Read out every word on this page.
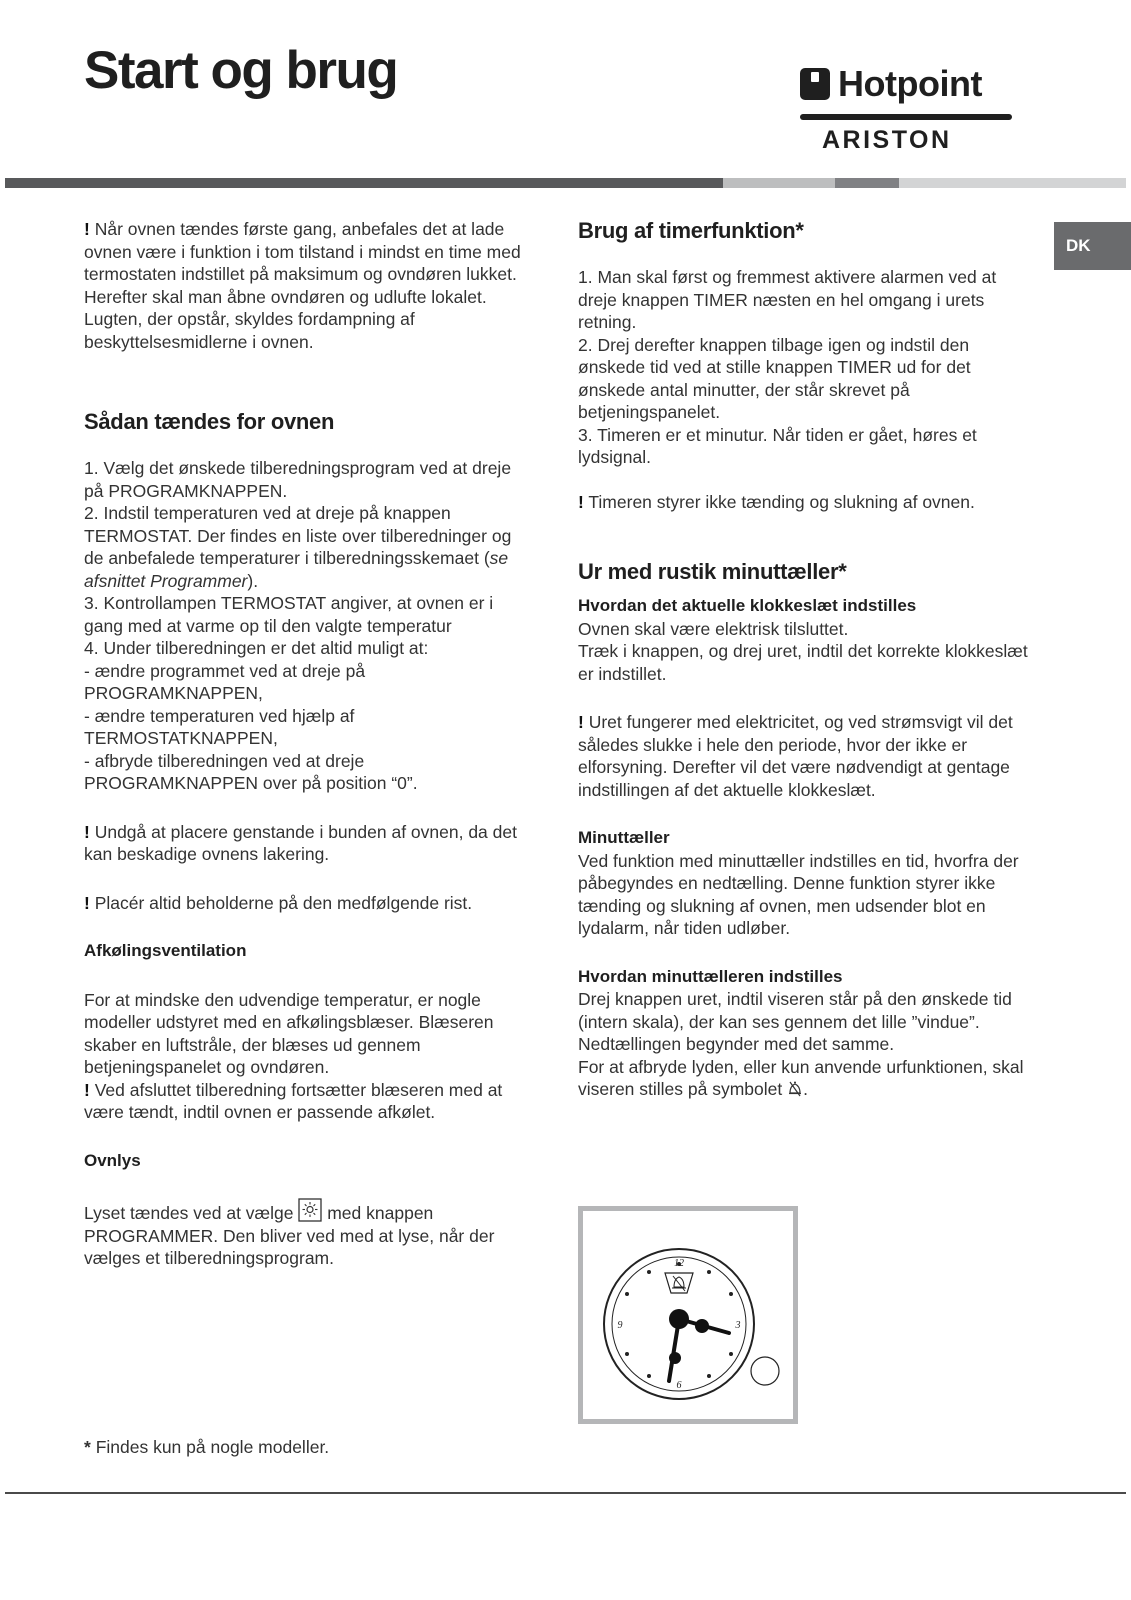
Start og brug	Hotpoint
ARISTON
DK

! Når ovnen tændes første gang, anbefales det at lade ovnen være i funktion i tom tilstand i mindst en time med termostaten indstillet på maksimum og ovndøren lukket. Herefter skal man åbne ovndøren og udlufte lokalet. Lugten, der opstår, skyldes fordampning af beskyttelsesmidlerne i ovnen.

Sådan tændes for ovnen

1. Vælg det ønskede tilberedningsprogram ved at dreje på PROGRAMKNAPPEN.

2. Indstil temperaturen ved at dreje på knappen TERMOSTAT. Der findes en liste over tilberedninger og de anbefalede temperaturer i tilberedningsskemaet (se afsnittet Programmer).

3. Kontrollampen TERMOSTAT angiver, at ovnen er i gang med at varme op til den valgte temperatur

4. Under tilberedningen er det altid muligt at:

- ændre programmet ved at dreje på PROGRAMKNAPPEN,

- ændre temperaturen ved hjælp af TERMOSTATKNAPPEN,

- afbryde tilberedningen ved at dreje PROGRAMKNAPPEN over på position “0”.

! Undgå at placere genstande i bunden af ovnen, da det kan beskadige ovnens lakering.

! Placér altid beholderne på den medfølgende rist.

Afkølingsventilation

For at mindske den udvendige temperatur, er nogle modeller udstyret med en afkølingsblæser. Blæseren skaber en luftstråle, der blæses ud gennem betjeningspanelet og ovndøren.

! Ved afsluttet tilberedning fortsætter blæseren med at være tændt, indtil ovnen er passende afkølet.

Ovnlys

Lyset tændes ved at vælge med knappen PROGRAMMER. Den bliver ved med at lyse, når der vælges et tilberedningsprogram.

Brug af timerfunktion*

1. Man skal først og fremmest aktivere alarmen ved at dreje knappen TIMER næsten en hel omgang i urets retning.

2. Drej derefter knappen tilbage igen og indstil den ønskede tid ved at stille knappen TIMER ud for det ønskede antal minutter, der står skrevet på betjeningspanelet.

3. Timeren er et minutur. Når tiden er gået, høres et lydsignal.

! Timeren styrer ikke tænding og slukning af ovnen.

Ur med rustik minuttæller*
Hvordan det aktuelle klokkeslæt indstilles

Ovnen skal være elektrisk tilsluttet.

Træk i knappen, og drej uret, indtil det korrekte klokkeslæt er indstillet.

! Uret fungerer med elektricitet, og ved strømsvigt vil det således slukke i hele den periode, hvor der ikke er elforsyning. Derefter vil det være nødvendigt at gentage indstillingen af det aktuelle klokkeslæt.

Minuttæller

Ved funktion med minuttæller indstilles en tid, hvorfra der påbegyndes en nedtælling. Denne funktion styrer ikke tænding og slukning af ovnen, men udsender blot en lydalarm, når tiden udløber.

Hvordan minuttælleren indstilles

Drej knappen uret, indtil viseren står på den ønskede tid (intern skala), der kan ses gennem det lille ”vindue”.

Nedtællingen begynder med det samme.

For at afbryde lyden, eller kun anvende urfunktionen, skal viseren stilles på symbolet .

12
3
6
9
* Findes kun på nogle modeller.
